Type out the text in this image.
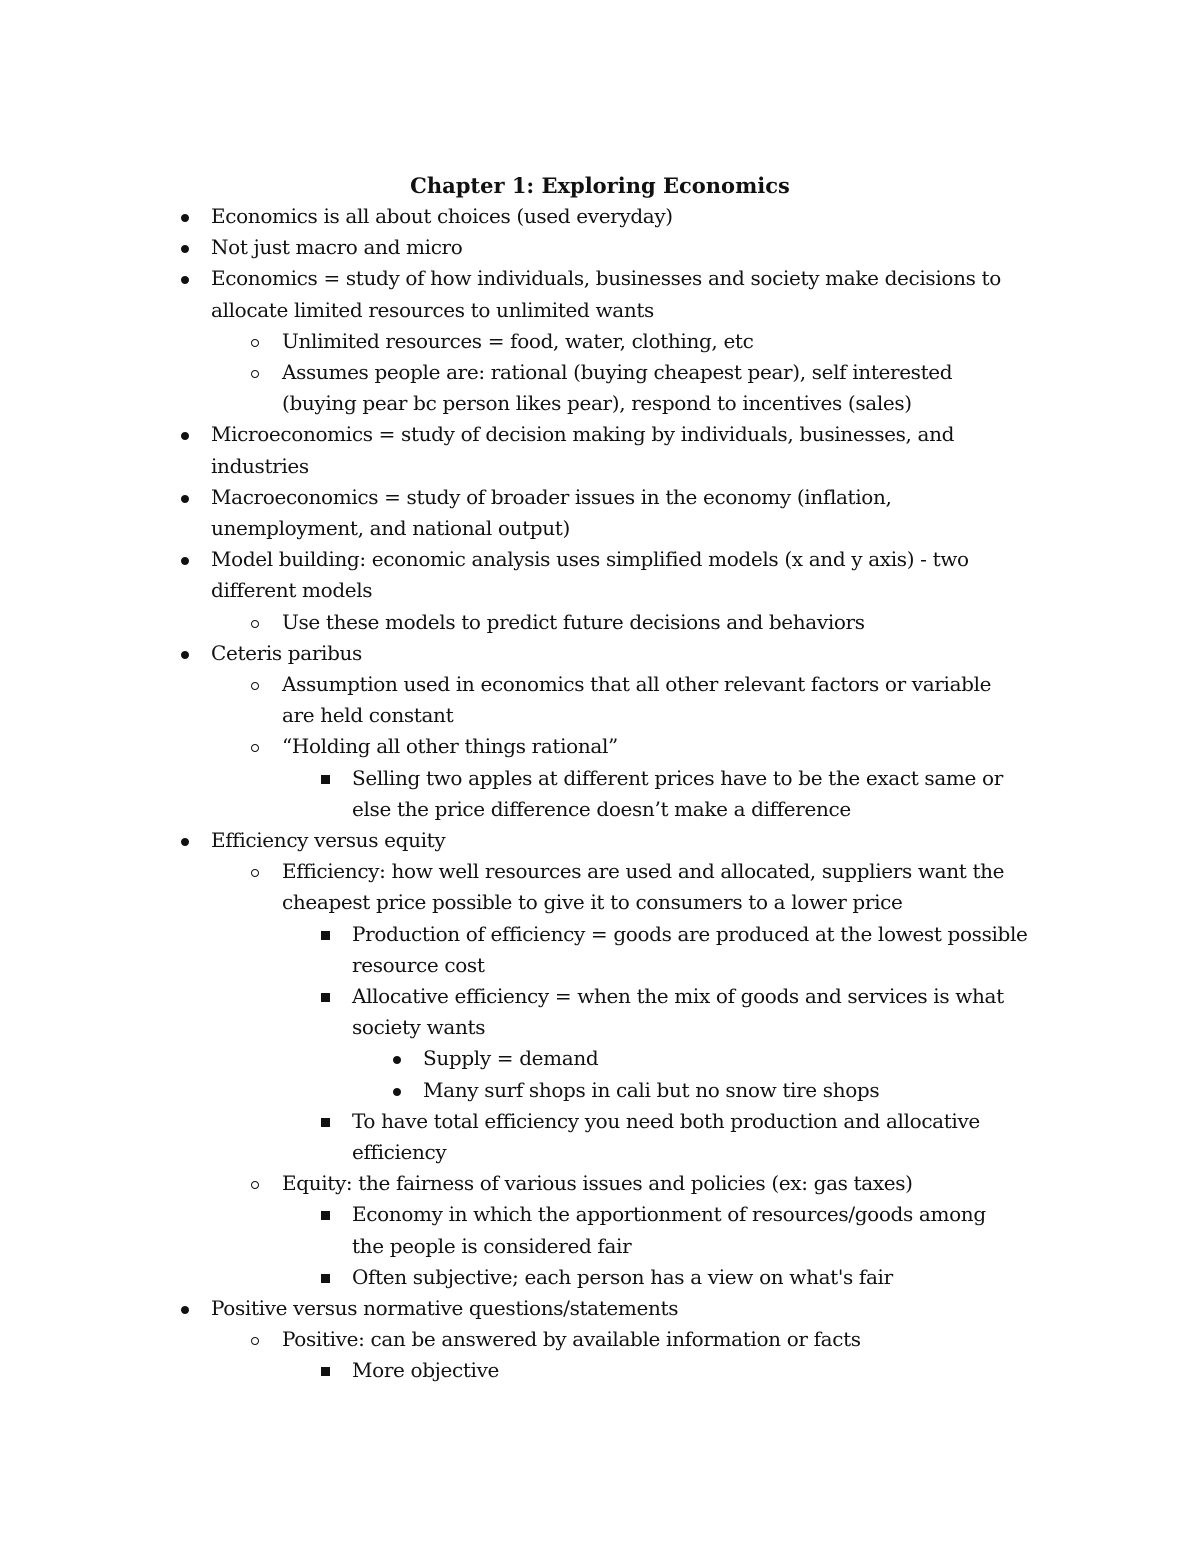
Chapter 1: Exploring Economics

Economics is all about choices (used everyday)

Not just macro and micro

Economics = study of how individuals, businesses and society make decisions to

allocate limited resources to unlimited wants

Unlimited resources = food, water, clothing, etc

Assumes people are: rational (buying cheapest pear), self interested

(buying pear bc person likes pear), respond to incentives (sales)

Microeconomics = study of decision making by individuals, businesses, and

industries

Macroeconomics = study of broader issues in the economy (inflation,

unemployment, and national output)

Model building: economic analysis uses simplified models (x and y axis) - two

different models

Use these models to predict future decisions and behaviors

Ceteris paribus

Assumption used in economics that all other relevant factors or variable

are held constant

“Holding all other things rational”

Selling two apples at different prices have to be the exact same or

else the price difference doesn’t make a difference

Efficiency versus equity

Efficiency: how well resources are used and allocated, suppliers want the

cheapest price possible to give it to consumers to a lower price

Production of efficiency = goods are produced at the lowest possible

resource cost

Allocative efficiency = when the mix of goods and services is what

society wants

Supply = demand

Many surf shops in cali but no snow tire shops

To have total efficiency you need both production and allocative

efficiency

Equity: the fairness of various issues and policies (ex: gas taxes)

Economy in which the apportionment of resources/goods among

the people is considered fair

Often subjective; each person has a view on what's fair

Positive versus normative questions/statements

Positive: can be answered by available information or facts

More objective
